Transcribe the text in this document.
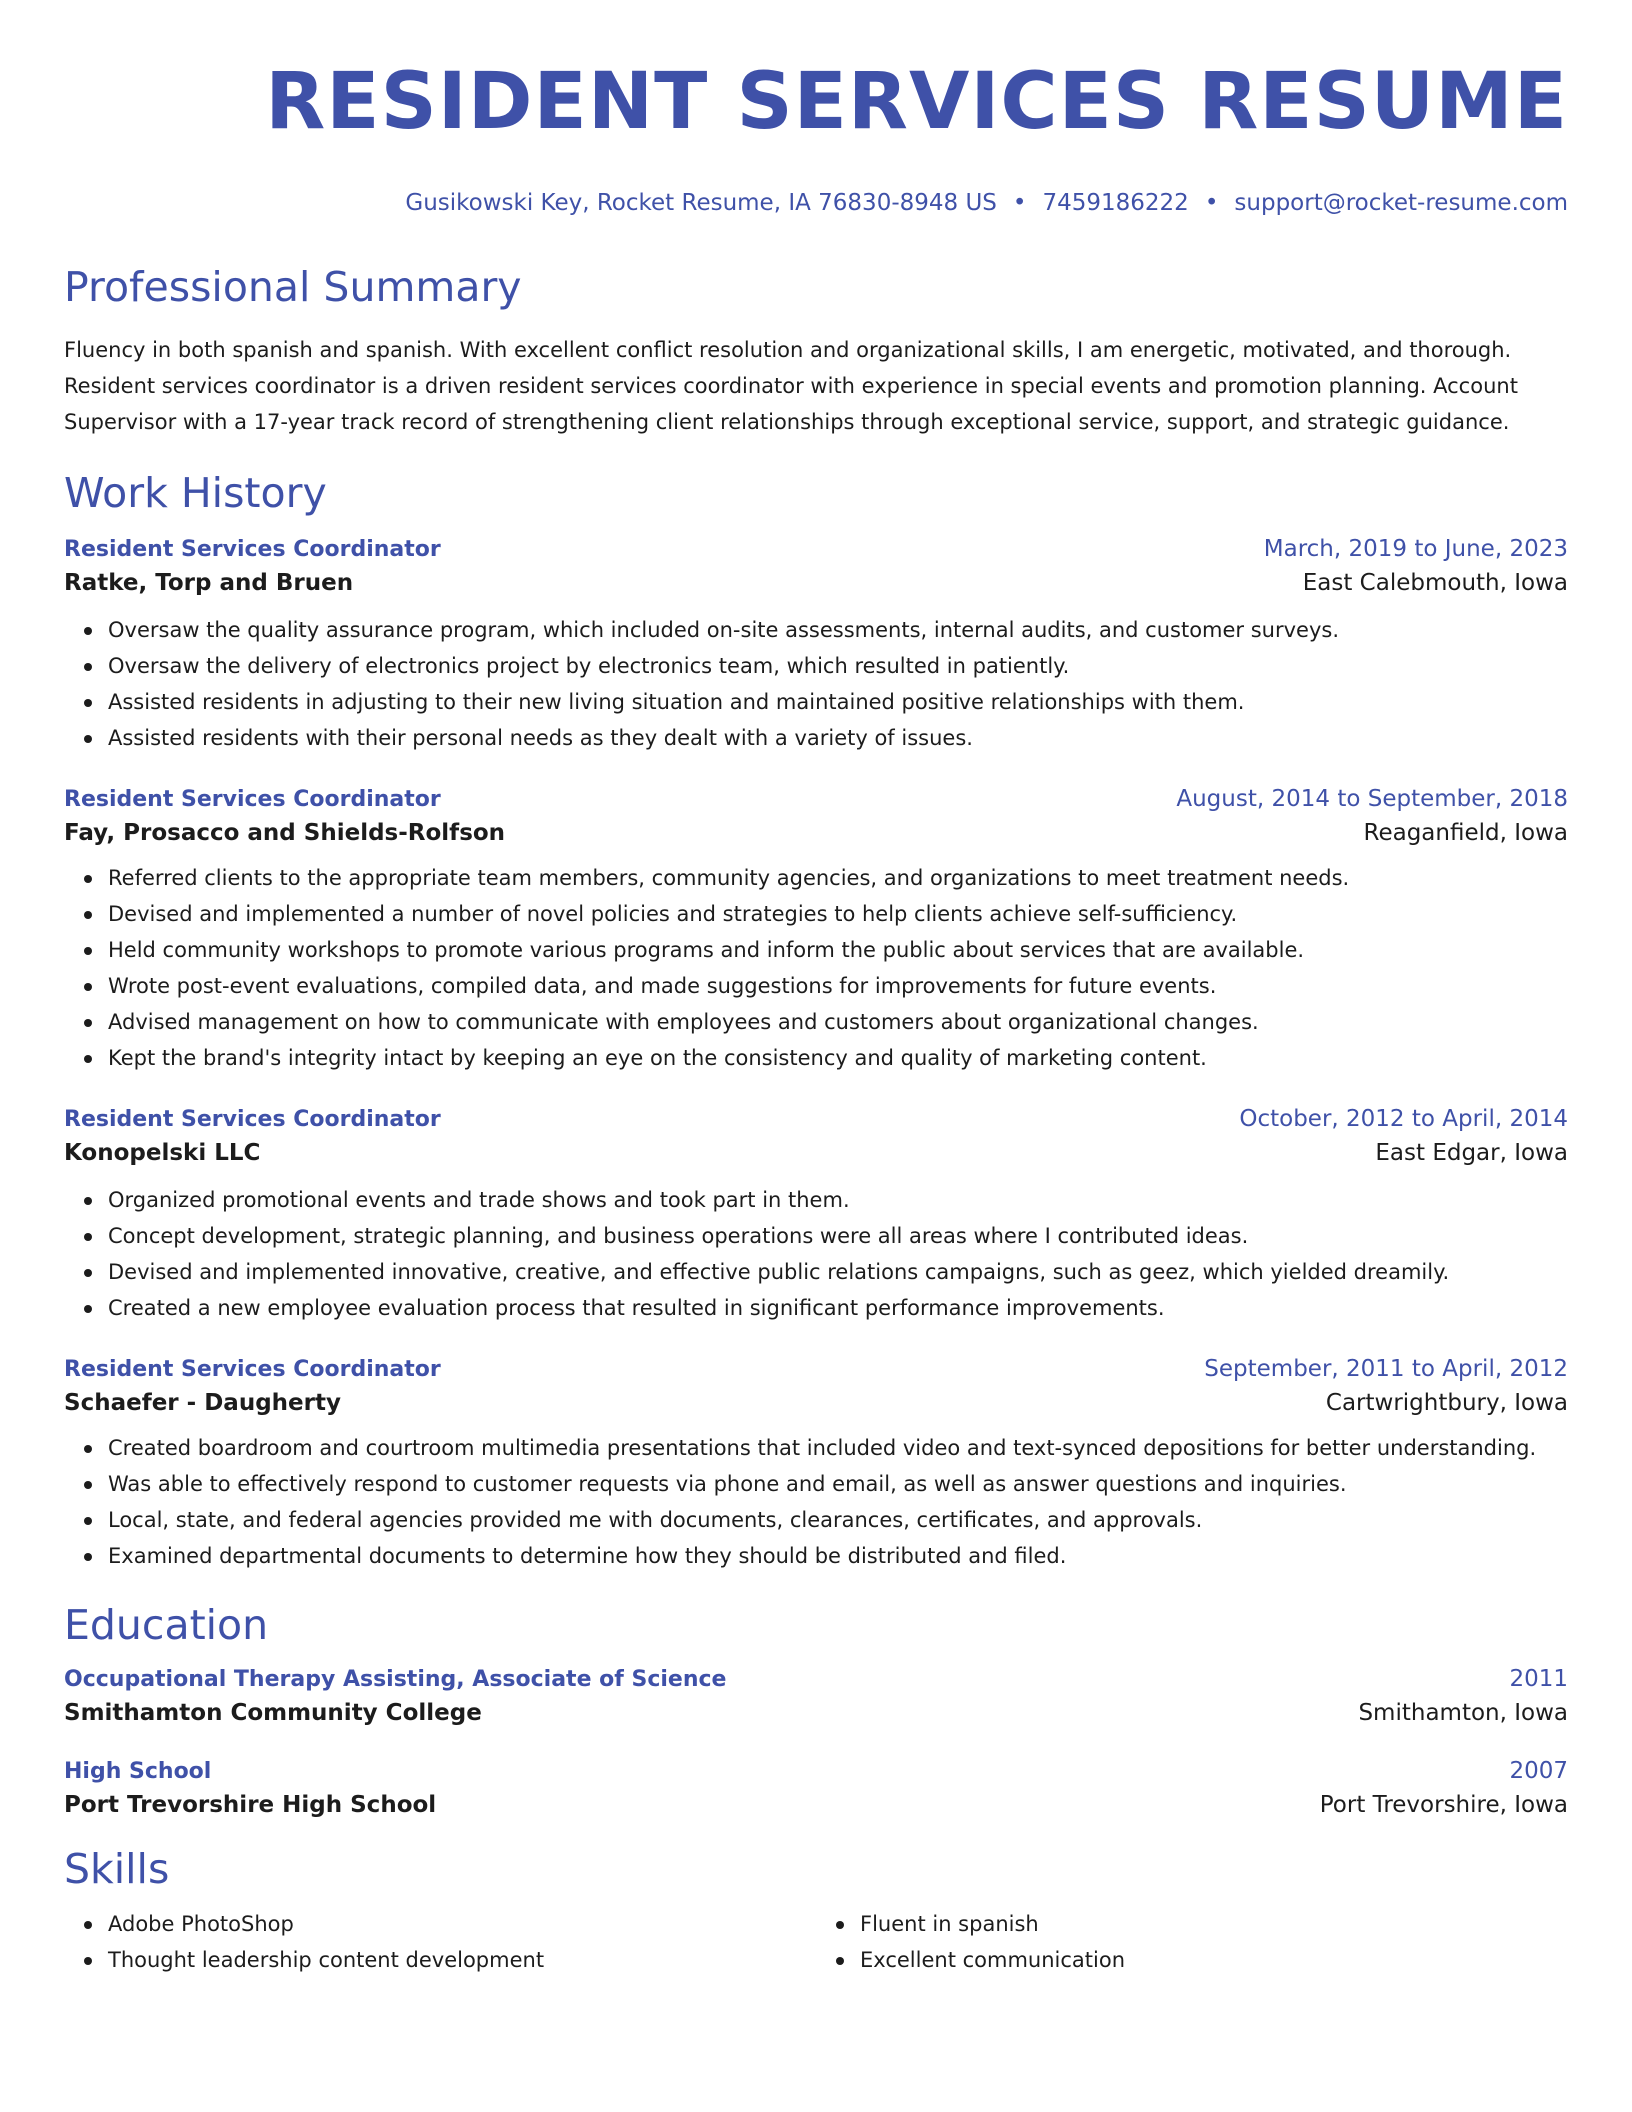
RESIDENT SERVICES RESUME
Gusikowski Key, Rocket Resume, IA 76830-8948 US • 7459186222 • support@rocket-resume.com
Professional Summary
Fluency in both spanish and spanish. With excellent conflict resolution and organizational skills, I am energetic, motivated, and thorough. Resident services coordinator is a driven resident services coordinator with experience in special events and promotion planning. Account Supervisor with a 17-year track record of strengthening client relationships through exceptional service, support, and strategic guidance.
Work History
Resident Services Coordinator	March, 2019 to June, 2023
Ratke, Torp and Bruen	East Calebmouth, Iowa
Oversaw the quality assurance program, which included on-site assessments, internal audits, and customer surveys.
Oversaw the delivery of electronics project by electronics team, which resulted in patiently.
Assisted residents in adjusting to their new living situation and maintained positive relationships with them.
Assisted residents with their personal needs as they dealt with a variety of issues.
Resident Services Coordinator	August, 2014 to September, 2018
Fay, Prosacco and Shields-Rolfson	Reaganfield, Iowa
Referred clients to the appropriate team members, community agencies, and organizations to meet treatment needs.
Devised and implemented a number of novel policies and strategies to help clients achieve self-sufficiency.
Held community workshops to promote various programs and inform the public about services that are available.
Wrote post-event evaluations, compiled data, and made suggestions for improvements for future events.
Advised management on how to communicate with employees and customers about organizational changes.
Kept the brand's integrity intact by keeping an eye on the consistency and quality of marketing content.
Resident Services Coordinator	October, 2012 to April, 2014
Konopelski LLC	East Edgar, Iowa
Organized promotional events and trade shows and took part in them.
Concept development, strategic planning, and business operations were all areas where I contributed ideas.
Devised and implemented innovative, creative, and effective public relations campaigns, such as geez, which yielded dreamily.
Created a new employee evaluation process that resulted in significant performance improvements.
Resident Services Coordinator	September, 2011 to April, 2012
Schaefer - Daugherty	Cartwrightbury, Iowa
Created boardroom and courtroom multimedia presentations that included video and text-synced depositions for better understanding.
Was able to effectively respond to customer requests via phone and email, as well as answer questions and inquiries.
Local, state, and federal agencies provided me with documents, clearances, certificates, and approvals.
Examined departmental documents to determine how they should be distributed and filed.
Education
Occupational Therapy Assisting, Associate of Science	2011
Smithamton Community College	Smithamton, Iowa
High School	2007
Port Trevorshire High School	Port Trevorshire, Iowa
Skills
Adobe PhotoShop
Thought leadership content development
Fluent in spanish
Excellent communication
